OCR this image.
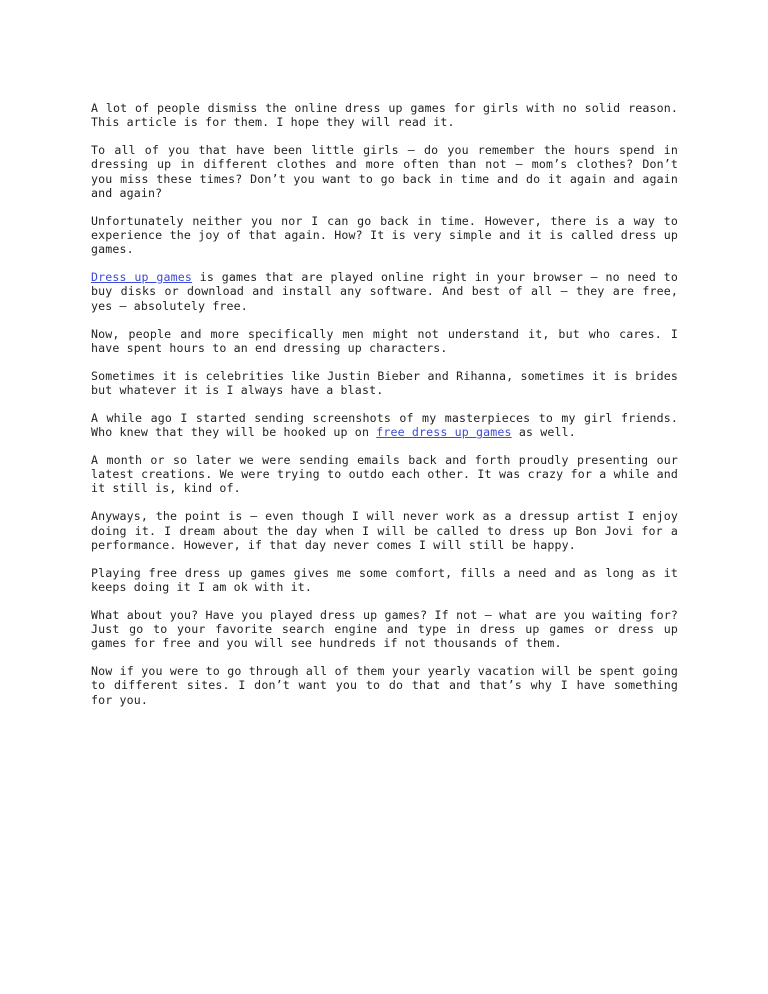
A lot of people dismiss the online dress up games for girls with no solid reason. This article is for them. I hope they will read it.

To all of you that have been little girls – do you remember the hours spend in dressing up in different clothes and more often than not – mom’s clothes? Don’t you miss these times? Don’t you want to go back in time and do it again and again and again?

Unfortunately neither you nor I can go back in time. However, there is a way to experience the joy of that again. How? It is very simple and it is called dress up games.

Dress up games is games that are played online right in your browser – no need to buy disks or download and install any software. And best of all – they are free, yes – absolutely free.

Now, people and more specifically men might not understand it, but who cares. I have spent hours to an end dressing up characters.

Sometimes it is celebrities like Justin Bieber and Rihanna, sometimes it is brides but whatever it is I always have a blast.

A while ago I started sending screenshots of my masterpieces to my girl friends. Who knew that they will be hooked up on free dress up games as well.

A month or so later we were sending emails back and forth proudly presenting our latest creations. We were trying to outdo each other. It was crazy for a while and it still is, kind of.

Anyways, the point is – even though I will never work as a dressup artist I enjoy doing it. I dream about the day when I will be called to dress up Bon Jovi for a performance. However, if that day never comes I will still be happy.

Playing free dress up games gives me some comfort, fills a need and as long as it keeps doing it I am ok with it.

What about you? Have you played dress up games? If not – what are you waiting for? Just go to your favorite search engine and type in dress up games or dress up games for free and you will see hundreds if not thousands of them.

Now if you were to go through all of them your yearly vacation will be spent going to different sites. I don’t want you to do that and that’s why I have something for you.
